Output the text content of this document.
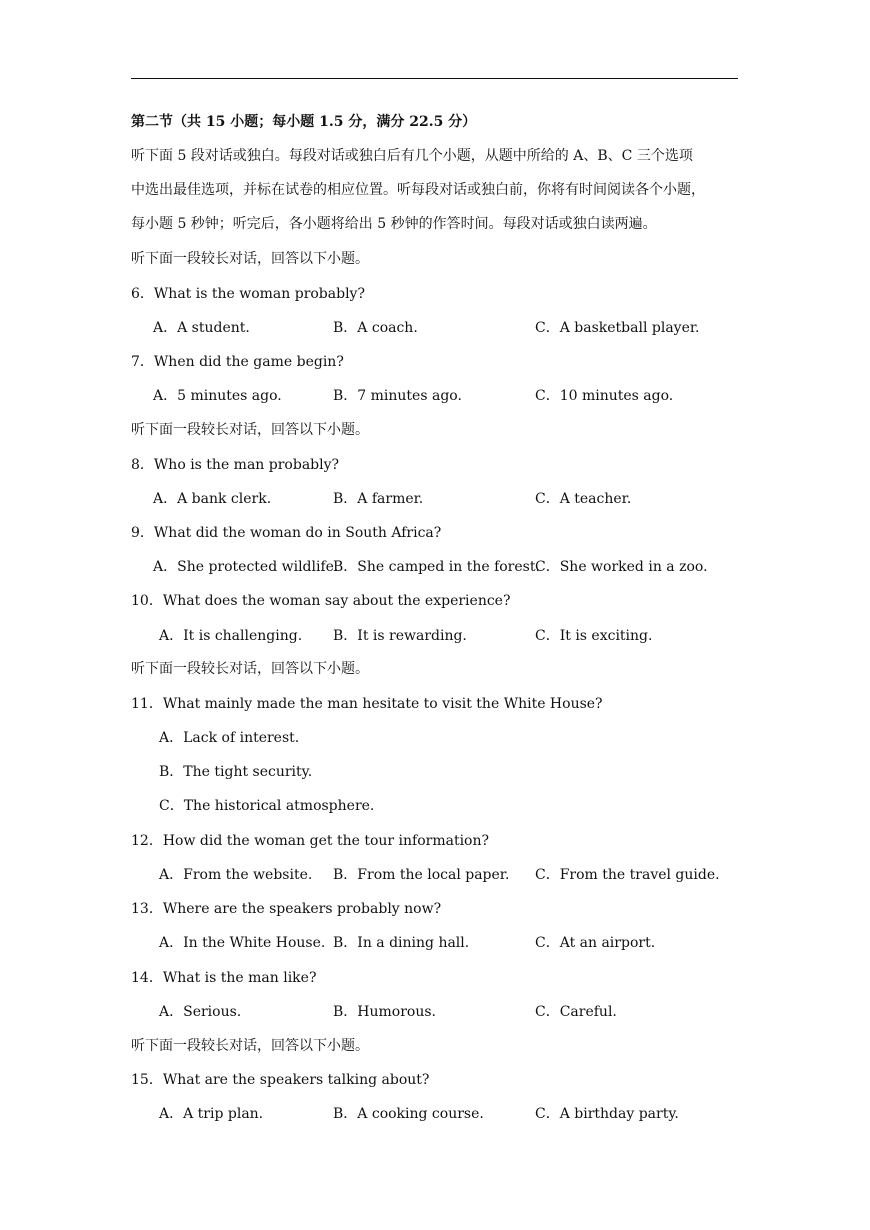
第二节（共 15 小题；每小题 1.5 分，满分 22.5 分）
听下面 5 段对话或独白。每段对话或独白后有几个小题，从题中所给的 A、B、C 三个选项
中选出最佳选项，并标在试卷的相应位置。听每段对话或独白前，你将有时间阅读各个小题，
每小题 5 秒钟；听完后，各小题将给出 5 秒钟的作答时间。每段对话或独白读两遍。
听下面一段较长对话，回答以下小题。
6．What is the woman probably?
A．A student.	B．A coach.	C．A basketball player.
7．When did the game begin?
A．5 minutes ago.	B．7 minutes ago.	C．10 minutes ago.
听下面一段较长对话，回答以下小题。
8．Who is the man probably?
A．A bank clerk.	B．A farmer.	C．A teacher.
9．What did the woman do in South Africa?
A．She protected wildlife.
B．She camped in the forest.
C．She worked in a zoo.
10．What does the woman say about the experience?
A．It is challenging. B．It is rewarding.	C．It is exciting.
听下面一段较长对话，回答以下小题。
11．What mainly made the man hesitate to visit the White House?
A．Lack of interest.
B．The tight security.
C．The historical atmosphere.
12．How did the woman get the tour information?
A．From the website. B．From the local paper. C．From the travel guide.
13．Where are the speakers probably now?
A．In the White House. B．In a dining hall.	C．At an airport.
14．What is the man like?
A．Serious.	B．Humorous.	C．Careful.
听下面一段较长对话，回答以下小题。
15．What are the speakers talking about?
A．A trip plan.	B．A cooking course.	C．A birthday party.
